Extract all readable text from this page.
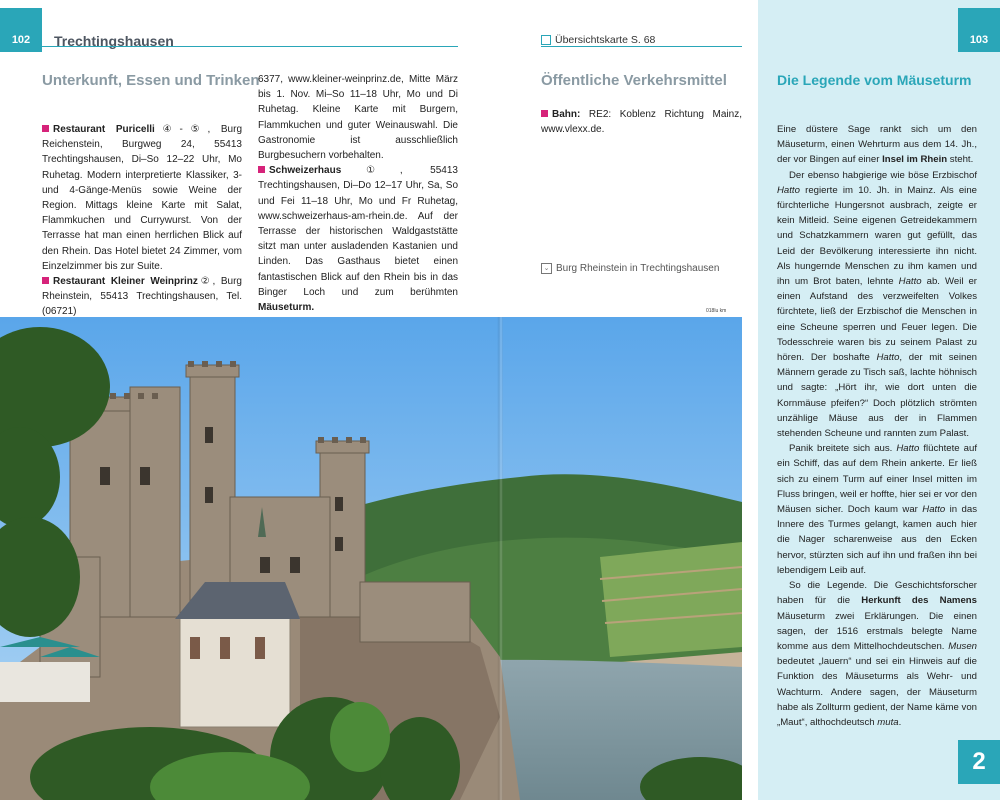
102	Trechtingshausen
Unterkunft, Essen und Trinken

Restaurant Puricelli④-⑤, Burg Reichenstein, Burgweg 24, 55413 Trechtingshausen, Di–So 12–22 Uhr, Mo Ruhetag. Modern interpretierte Klassiker, 3- und 4-Gänge-Menüs sowie Weine der Region. Mittags kleine Karte mit Salat, Flammkuchen und Currywurst. Von der Terrasse hat man einen herrlichen Blick auf den Rhein. Das Hotel bietet 24 Zimmer, vom Einzelzimmer bis zur Suite.

Restaurant Kleiner Weinprinz②, Burg Rheinstein, 55413 Trechtingshausen, Tel. (06721)

6377, www.kleiner-weinprinz.de, Mitte März bis 1. Nov. Mi–So 11–18 Uhr, Mo und Di Ruhetag. Kleine Karte mit Burgern, Flammkuchen und guter Weinauswahl. Die Gastronomie ist ausschließlich Burgbesuchern vorbehalten.

Schweizerhaus①, 55413 Trechtingshausen, Di–Do 12–17 Uhr, Sa, So und Fei 11–18 Uhr, Mo und Fr Ruhetag, www.schweizerhaus-am-rhein.de. Auf der Terrasse der historischen Waldgaststätte sitzt man unter ausladenden Kastanien und Linden. Das Gasthaus bietet einen fantastischen Blick auf den Rhein bis in das Binger Loch und zum berühmten Mäuseturm.

Übersichtskarte S. 68
Öffentliche Verkehrsmittel

Bahn: RE2: Koblenz Richtung Mainz, www.vlexx.de.

⌄ Burg Rheinstein in Trechtingshausen
018lu km
Die Legende vom Mäuseturm

Eine düstere Sage rankt sich um den Mäuseturm, einen Wehrturm aus dem 14. Jh., der vor Bingen auf einer Insel im Rhein steht.

Der ebenso habgierige wie böse Erzbischof Hatto regierte im 10. Jh. in Mainz. Als eine fürchterliche Hungersnot ausbrach, zeigte er kein Mitleid. Seine eigenen Getreidekammern und Schatzkammern waren gut gefüllt, das Leid der Bevölkerung interessierte ihn nicht. Als hungernde Menschen zu ihm kamen und ihn um Brot baten, lehnte Hatto ab. Weil er einen Aufstand des verzweifelten Volkes fürchtete, ließ der Erzbischof die Menschen in eine Scheune sperren und Feuer legen. Die Todesschreie waren bis zu seinem Palast zu hören. Der boshafte Hatto, der mit seinen Männern gerade zu Tisch saß, lachte höhnisch und sagte: „Hört ihr, wie dort unten die Kornmäuse pfeifen?“ Doch plötzlich strömten unzählige Mäuse aus der in Flammen stehenden Scheune und rannten zum Palast.

Panik breitete sich aus. Hatto flüchtete auf ein Schiff, das auf dem Rhein ankerte. Er ließ sich zu einem Turm auf einer Insel mitten im Fluss bringen, weil er hoffte, hier sei er vor den Mäusen sicher. Doch kaum war Hatto in das Innere des Turmes gelangt, kamen auch hier die Nager scharenweise aus den Ecken hervor, stürzten sich auf ihn und fraßen ihn bei lebendigem Leib auf.

So die Legende. Die Geschichtsforscher haben für die Herkunft des Namens Mäuseturm zwei Erklärungen. Die einen sagen, der 1516 erstmals belegte Name komme aus dem Mittelhochdeutschen. Musen bedeutet „lauern“ und sei ein Hinweis auf die Funktion des Mäuseturms als Wehr- und Wachturm. Andere sagen, der Mäuseturm habe als Zollturm gedient, der Name käme von „Maut“, althochdeutsch muta.

103
2
